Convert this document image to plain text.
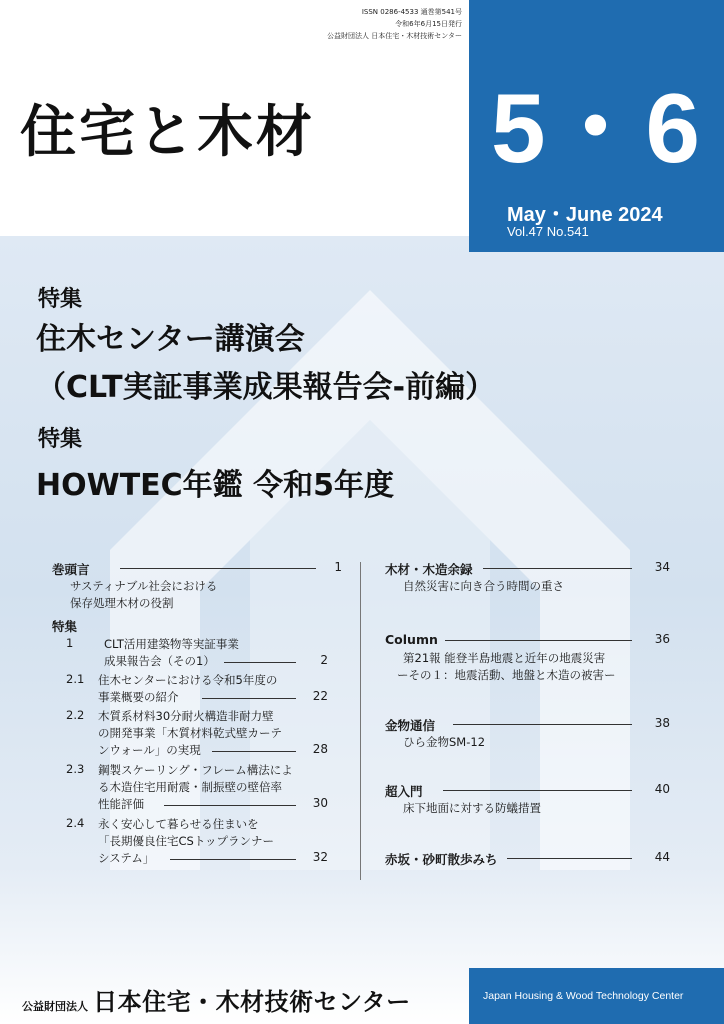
ISSN 0286-4533 通巻第541号
令和6年6月15日発行
公益財団法人 日本住宅・木材技術センター
住宅と木材 5・6
May・June 2024
Vol.47 No.541
特集
住木センター講演会
（CLT実証事業成果報告会‐前編）
特集
HOWTEC年鑑 令和5年度
巻頭言	1
サスティナブル社会における
保存処理木材の役割
特集
1	CLT活用建築物等実証事業
成果報告会（その1）	2
2.1 住木センターにおける令和5年度の
事業概要の紹介	22
2.2 木質系材料30分耐火構造非耐力壁
の開発事業「木質材料乾式壁カーテ
ンウォール」の実現	28
2.3 鋼製スケーリング・フレーム構法によ
る木造住宅用耐震・制振壁の壁倍率
性能評価	30
2.4 永く安心して暮らせる住まいを
「長期優良住宅CSトップランナー
システム」	32
木材・木造余録	34
自然災害に向き合う時間の重さ
Column	36
第21報 能登半島地震と近年の地震災害
ーその１：地震活動、地盤と木造の被害ー
金物通信	38
ひら金物SM-12
超入門	40
床下地面に対する防蟻措置
赤坂・砂町散歩みち	44
公益財団法人 日本住宅・木材技術センター	Japan Housing & Wood Technology Center
